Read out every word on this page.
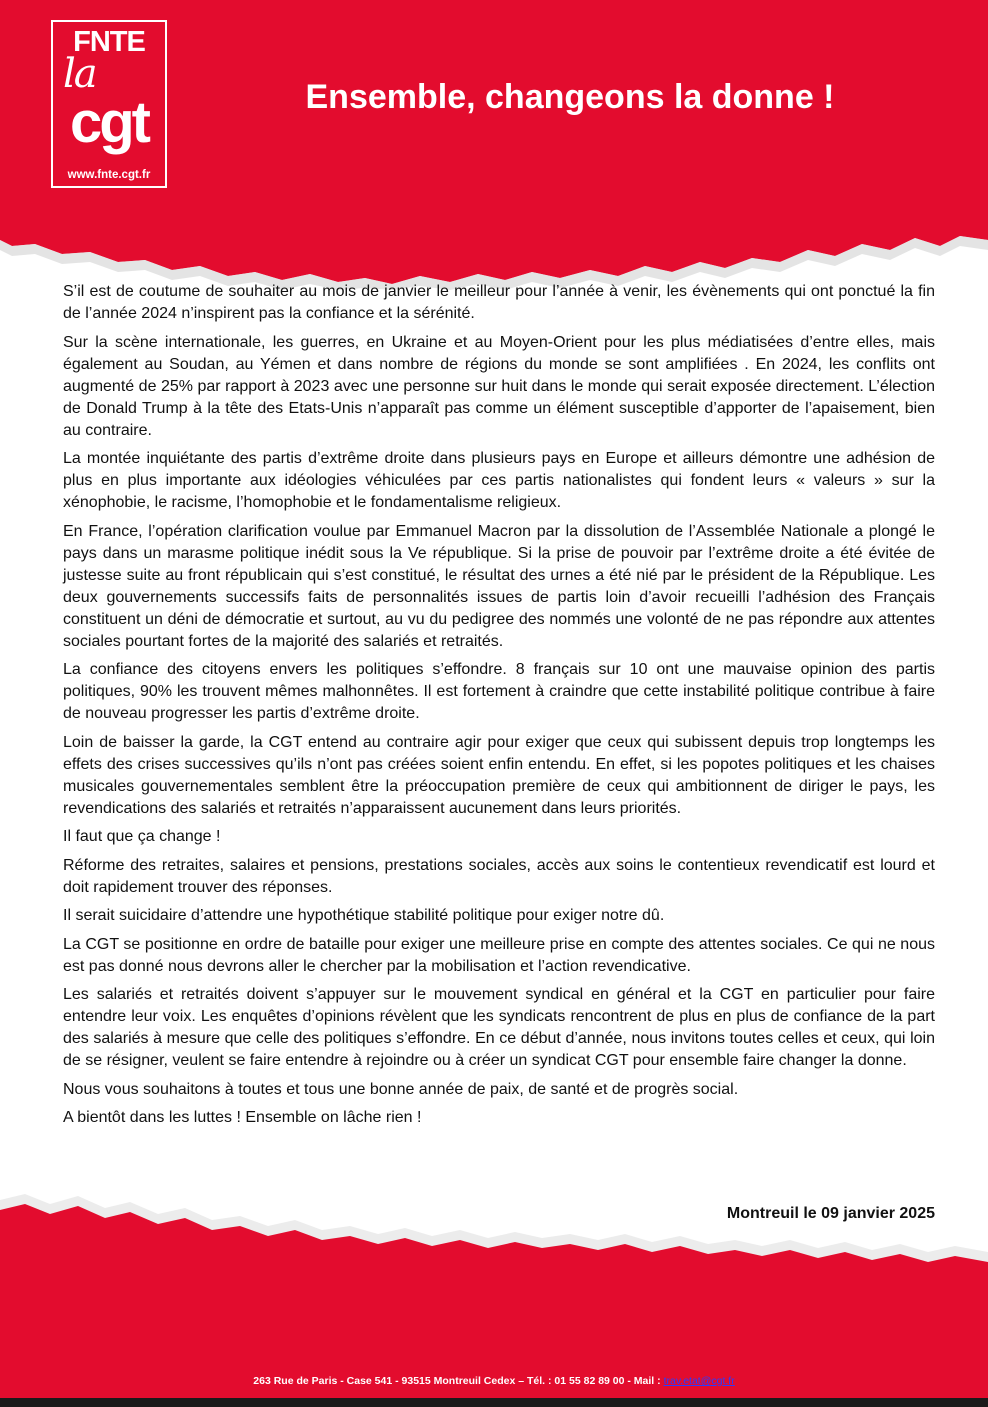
FNTE
la
cgt
www.fnte.cgt.fr
Ensemble, changeons la donne !

S’il est de coutume de souhaiter au mois de janvier le meilleur pour l’année à venir, les évènements qui ont ponctué la fin de l’année 2024 n’inspirent pas la confiance et la sérénité.

Sur la scène internationale, les guerres, en Ukraine et au Moyen-Orient pour les plus médiatisées d’entre elles, mais également au Soudan, au Yémen et dans nombre de régions du monde se sont amplifiées . En 2024, les conflits ont augmenté de 25% par rapport à 2023 avec une personne sur huit dans le monde qui serait exposée directement. L’élection de Donald Trump à la tête des Etats-Unis n’apparaît pas comme un élément susceptible d’apporter de l’apaisement, bien au contraire.

La montée inquiétante des partis d’extrême droite dans plusieurs pays en Europe et ailleurs démontre une adhésion de plus en plus importante aux idéologies véhiculées par ces partis nationalistes qui fondent leurs « valeurs » sur la xénophobie, le racisme, l’homophobie et le fondamentalisme religieux.

En France, l’opération clarification voulue par Emmanuel Macron par la dissolution de l’Assemblée Nationale a plongé le pays dans un marasme politique inédit sous la Ve république. Si la prise de pouvoir par l’extrême droite a été évitée de justesse suite au front républicain qui s’est constitué, le résultat des urnes a été nié par le président de la République. Les deux gouvernements successifs faits de personnalités issues de partis loin d’avoir recueilli l’adhésion des Français constituent un déni de démocratie et surtout, au vu du pedigree des nommés une volonté de ne pas répondre aux attentes sociales pourtant fortes de la majorité des salariés et retraités.

La confiance des citoyens envers les politiques s’effondre. 8 français sur 10 ont une mauvaise opinion des partis politiques, 90% les trouvent mêmes malhonnêtes. Il est fortement à craindre que cette instabilité politique contribue à faire de nouveau progresser les partis d’extrême droite.

Loin de baisser la garde, la CGT entend au contraire agir pour exiger que ceux qui subissent depuis trop longtemps les effets des crises successives qu’ils n’ont pas créées soient enfin entendu. En effet, si les popotes politiques et les chaises musicales gouvernementales semblent être la préoccupation première de ceux qui ambitionnent de diriger le pays, les revendications des salariés et retraités n’apparaissent aucunement dans leurs priorités.

Il faut que ça change !

Réforme des retraites, salaires et pensions, prestations sociales, accès aux soins le contentieux revendicatif est lourd et doit rapidement trouver des réponses.

Il serait suicidaire d’attendre une hypothétique stabilité politique pour exiger notre dû.

La CGT se positionne en ordre de bataille pour exiger une meilleure prise en compte des attentes sociales. Ce qui ne nous est pas donné nous devrons aller le chercher par la mobilisation et l’action revendicative.

Les salariés et retraités doivent s’appuyer sur le mouvement syndical en général et la CGT en particulier pour faire entendre leur voix. Les enquêtes d’opinions révèlent que les syndicats rencontrent de plus en plus de confiance de la part des salariés à mesure que celle des politiques s’effondre. En ce début d’année, nous invitons toutes celles et ceux, qui loin de se résigner, veulent se faire entendre à rejoindre ou à créer un syndicat CGT pour ensemble faire changer la donne.

Nous vous souhaitons à toutes et tous une bonne année de paix, de santé et de progrès social.

A bientôt dans les luttes ! Ensemble on lâche rien !

Montreuil le 09 janvier 2025
263 Rue de Paris - Case 541 - 93515 Montreuil Cedex – Tél. : 01 55 82 89 00 - Mail : trav.etat@cgt.fr
